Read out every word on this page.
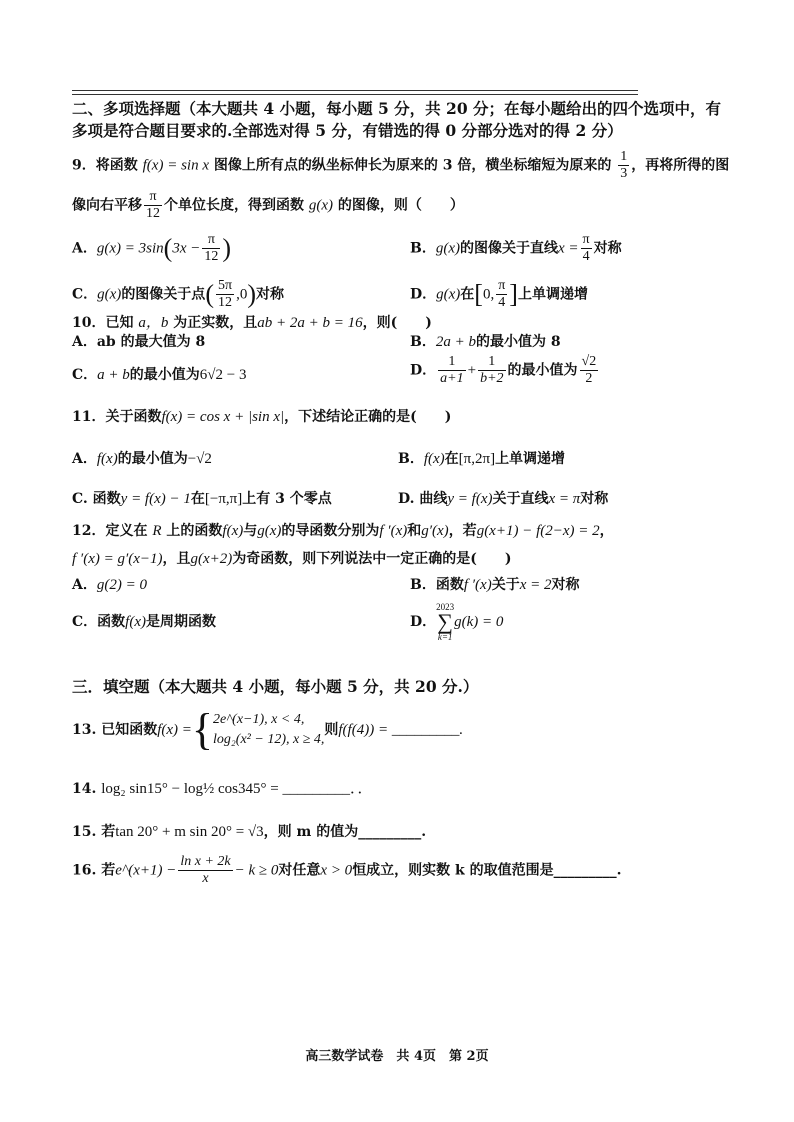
二、多项选择题（本大题共 4 小题，每小题 5 分，共 20 分；在每小题给出的四个选项中，有
多项是符合题目要求的.全部选对得 5 分，有错选的得 0 分部分选对的得 2 分）
9．将函数 f(x) = sin x 图像上所有点的纵坐标伸长为原来的 3 倍，横坐标缩短为原来的 $\frac{1}{3}$ ，再将所得的图
像向右平移 $\frac{\pi}{12}$ 个单位长度，得到函数 g(x) 的图像，则（　　）
A．$g(x) = 3\sin(3x - \frac{\pi}{12}$ )	B．g(x)的图像关于直线$x = \frac{\pi}{4}$ 对称
C．g(x)的图像关于点( $\frac{5\pi}{12} ,0$)对称	D．g(x)在[0, $\frac{\pi}{4}$ ]上单调递增
10．已知 a，b 为正实数，且ab + 2a + b = 16，则(　　)
A．ab 的最大值为 8	B．2a + b的最小值为 8
C．a + b的最小值为6√2 − 3	D． $\frac{1}{a+1} + \frac{1}{b+2}$ 的最小值为 $\frac{√2}{2}$
11．关于函数f(x) = cos x + |sin x|，下述结论正确的是(　　)
A．f(x)的最小值为−√2	B．f(x)在[π,2π]上单调递增
C. 函数y = f(x) − 1在[−π,π]上有 3 个零点	D. 曲线y = f(x)关于直线x = π对称
12．定义在 R 上的函数f(x)与g(x)的导函数分别为f ′(x)和g′(x)，若g(x+1) − f(2−x) = 2，
f ′(x) = g′(x−1)，且g(x+2)为奇函数，则下列说法中一定正确的是(　　)
A．g(2) = 0	B．函数f ′(x)关于x = 2对称
C．函数f(x)是周期函数	D．
2023
∑
k=1
g(k) = 0
三．填空题（本大题共 4 小题，每小题 5 分，共 20 分.）
13. 已知函数f(x) ={ 2e^(x−1), x < 4,
log₂(x² − 12), x ≥ 4,
则f(f(4)) = _________.
14. log₂ sin15° − log½ cos345° = _________．．
15. 若tan 20° + m sin 20° = √3，则 m 的值为_________.
16. 若e^(x+1) − $\frac{\text{ln x + 2k}}{x} - k \ge 0$对任意x > 0恒成立，则实数 k 的取值范围是_________.
高三数学试卷　共 4页　第 2页
